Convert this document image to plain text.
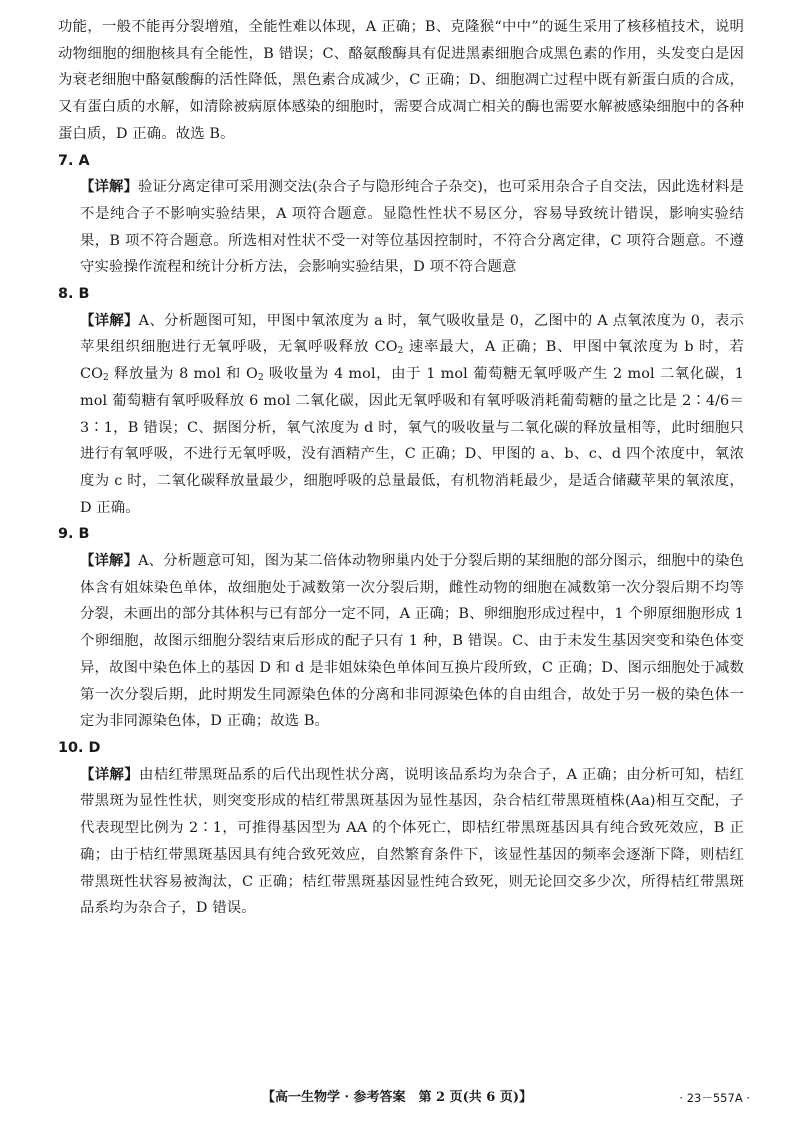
功能，一般不能再分裂增殖，全能性难以体现，A 正确；B、克隆猴“中中”的诞生采用了核移植技术，说明动物细胞的细胞核具有全能性，B 错误；C、酪氨酸酶具有促进黑素细胞合成黑色素的作用，头发变白是因为衰老细胞中酪氨酸酶的活性降低，黑色素合成减少，C 正确；D、细胞凋亡过程中既有新蛋白质的合成，又有蛋白质的水解，如清除被病原体感染的细胞时，需要合成凋亡相关的酶也需要水解被感染细胞中的各种蛋白质，D 正确。故选 B。

7. A

【详解】验证分离定律可采用测交法(杂合子与隐形纯合子杂交)，也可采用杂合子自交法，因此选材料是不是纯合子不影响实验结果，A 项符合题意。显隐性性状不易区分，容易导致统计错误，影响实验结果，B 项不符合题意。所选相对性状不受一对等位基因控制时，不符合分离定律，C 项符合题意。不遵守实验操作流程和统计分析方法，会影响实验结果，D 项不符合题意

8. B

【详解】A、分析题图可知，甲图中氧浓度为 a 时，氧气吸收量是 0，乙图中的 A 点氧浓度为 0，表示苹果组织细胞进行无氧呼吸，无氧呼吸释放 $CO_2$ 速率最大，A 正确；B、甲图中氧浓度为 b 时，若 $CO_2$ 释放量为 8 mol 和 $O_2$ 吸收量为 4 mol，由于 1 mol 葡萄糖无氧呼吸产生 2 mol 二氧化碳，1 mol 葡萄糖有氧呼吸释放 6 mol 二氧化碳，因此无氧呼吸和有氧呼吸消耗葡萄糖的量之比是 2∶4/6＝3∶1，B 错误；C、据图分析，氧气浓度为 d 时，氧气的吸收量与二氧化碳的释放量相等，此时细胞只进行有氧呼吸，不进行无氧呼吸，没有酒精产生，C 正确；D、甲图的 a、b、c、d 四个浓度中，氧浓度为 c 时，二氧化碳释放量最少，细胞呼吸的总量最低，有机物消耗最少，是适合储藏苹果的氧浓度，D 正确。

9. B

【详解】A、分析题意可知，图为某二倍体动物卵巢内处于分裂后期的某细胞的部分图示，细胞中的染色体含有姐妹染色单体，故细胞处于减数第一次分裂后期，雌性动物的细胞在减数第一次分裂后期不均等分裂，未画出的部分其体积与已有部分一定不同，A 正确；B、卵细胞形成过程中，1 个卵原细胞形成 1 个卵细胞，故图示细胞分裂结束后形成的配子只有 1 种，B 错误。C、由于未发生基因突变和染色体变异，故图中染色体上的基因 D 和 d 是非姐妹染色单体间互换片段所致，C 正确；D、图示细胞处于减数第一次分裂后期，此时期发生同源染色体的分离和非同源染色体的自由组合，故处于另一极的染色体一定为非同源染色体，D 正确；故选 B。

10. D

【详解】由桔红带黑斑品系的后代出现性状分离，说明该品系均为杂合子，A 正确；由分析可知，桔红带黑斑为显性性状，则突变形成的桔红带黑斑基因为显性基因，杂合桔红带黑斑植株(Aa)相互交配，子代表现型比例为 2∶1，可推得基因型为 AA 的个体死亡，即桔红带黑斑基因具有纯合致死效应，B 正确；由于桔红带黑斑基因具有纯合致死效应，自然繁育条件下，该显性基因的频率会逐渐下降，则桔红带黑斑性状容易被淘汰，C 正确；桔红带黑斑基因显性纯合致死，则无论回交多少次，所得桔红带黑斑品系均为杂合子，D 错误。

【高一生物学 · 参考答案　第 2 页(共 6 页)】	· 23－557A ·
